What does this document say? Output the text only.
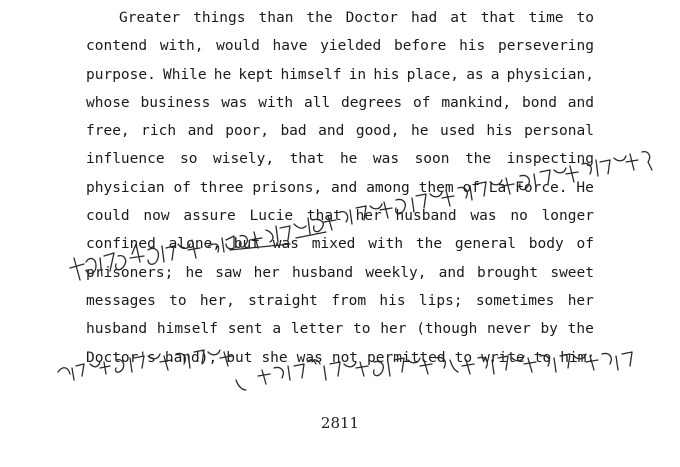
Greater things than the Doctor had at that time to
contend with, would have yielded before his persevering
purpose. While he kept himself in his place, as a physician,
whose business was with all degrees of mankind, bond and
free, rich and poor, bad and good, he used his personal
influence so wisely, that he was soon the inspecting
physician of three prisons, and among them of La Force. He
could now assure Lucie that her husband was no longer
confined alone, but was mixed with the general body of
prisoners; he saw her husband weekly, and brought sweet
messages to her, straight from his lips; sometimes her
husband himself sent a letter to her (though never by the
Doctor's hand), but she was not permitted to write to him:
2811
